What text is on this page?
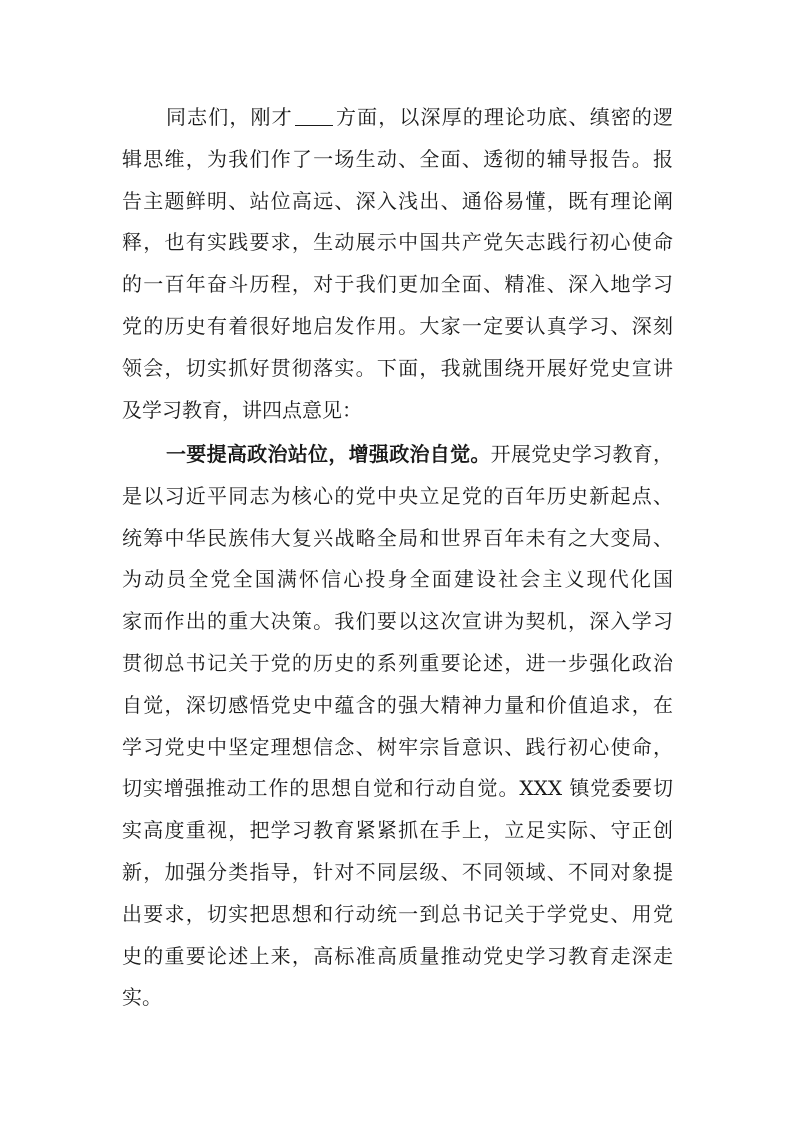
同志们，刚才 方面，以深厚的理论功底、缜密的逻
辑思维，为我们作了一场生动、全面、透彻的辅导报告。报
告主题鲜明、站位高远、深入浅出、通俗易懂，既有理论阐
释，也有实践要求，生动展示中国共产党矢志践行初心使命
的一百年奋斗历程，对于我们更加全面、精准、深入地学习
党的历史有着很好地启发作用。大家一定要认真学习、深刻
领会，切实抓好贯彻落实。下面，我就围绕开展好党史宣讲
及学习教育，讲四点意见：
一要提高政治站位，增强政治自觉。开展党史学习教育，
是以习近平同志为核心的党中央立足党的百年历史新起点、
统筹中华民族伟大复兴战略全局和世界百年未有之大变局、
为动员全党全国满怀信心投身全面建设社会主义现代化国
家而作出的重大决策。我们要以这次宣讲为契机，深入学习
贯彻总书记关于党的历史的系列重要论述，进一步强化政治
自觉，深切感悟党史中蕴含的强大精神力量和价值追求，在
学习党史中坚定理想信念、树牢宗旨意识、践行初心使命，
切实增强推动工作的思想自觉和行动自觉。XXX 镇党委要切
实高度重视，把学习教育紧紧抓在手上，立足实际、守正创
新，加强分类指导，针对不同层级、不同领域、不同对象提
出要求，切实把思想和行动统一到总书记关于学党史、用党
史的重要论述上来，高标准高质量推动党史学习教育走深走
实。
